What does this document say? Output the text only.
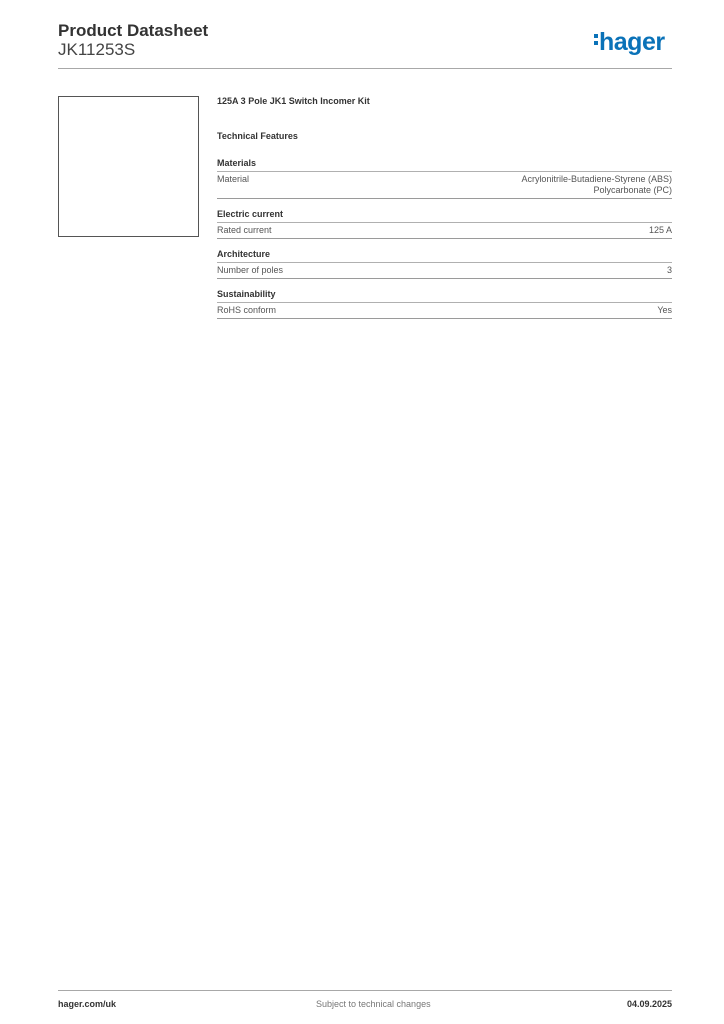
Product Datasheet
JK11253S	hager
125A 3 Pole JK1 Switch Incomer Kit
Technical Features
Materials
Material	Acrylonitrile-Butadiene-Styrene (ABS)
Polycarbonate (PC)
Electric current
Rated current	125 A
Architecture
Number of poles	3
Sustainability
RoHS conform	Yes
hager.com/uk	Subject to technical changes	04.09.2025
